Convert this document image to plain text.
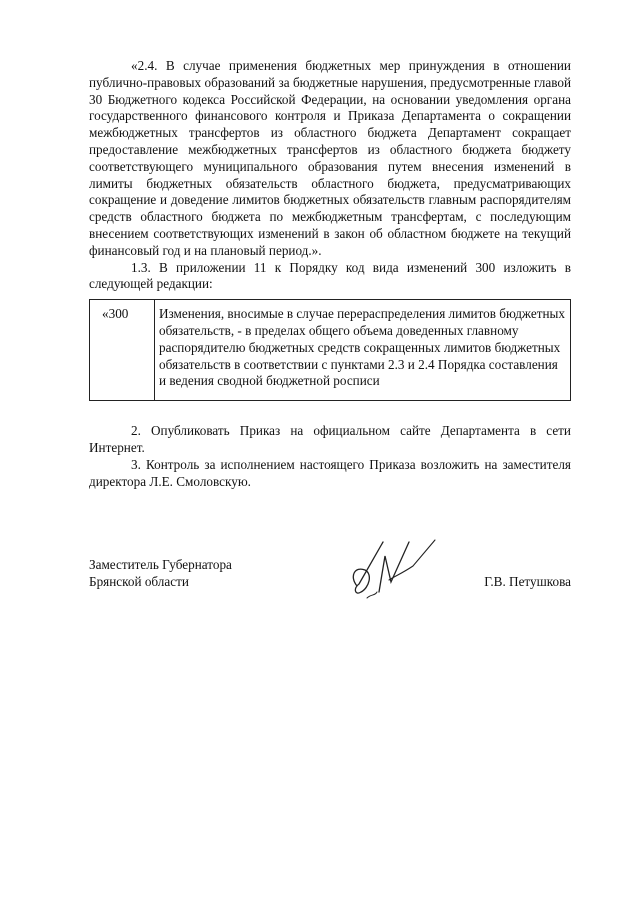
«2.4. В случае применения бюджетных мер принуждения в отношении публично-правовых образований за бюджетные нарушения, предусмотренные главой 30 Бюджетного кодекса Российской Федерации, на основании уведомления органа государственного финансового контроля и Приказа Департамента о сокращении межбюджетных трансфертов из областного бюджета Департамент сокращает предоставление межбюджетных трансфертов из областного бюджета бюджету соответствующего муниципального образования путем внесения изменений в лимиты бюджетных обязательств областного бюджета, предусматривающих сокращение и доведение лимитов бюджетных обязательств главным распорядителям средств областного бюджета по межбюджетным трансфертам, с последующим внесением соответствующих изменений в закон об областном бюджете на текущий финансовый год и на плановый период.».

1.3. В приложении 11 к Порядку код вида изменений 300 изложить в следующей редакции:

«300	Изменения, вносимые в случае перераспределения лимитов бюджетных обязательств, - в пределах общего объема доведенных главному распорядителю бюджетных средств сокращенных лимитов бюджетных обязательств в соответствии с пунктами 2.3 и 2.4 Порядка составления и ведения сводной бюджетной росписи

2. Опубликовать Приказ на официальном сайте Департамента в сети Интернет.

3. Контроль за исполнением настоящего Приказа возложить на заместителя директора Л.Е. Смоловскую.

Заместитель Губернатора
Брянской области	Г.В. Петушкова
